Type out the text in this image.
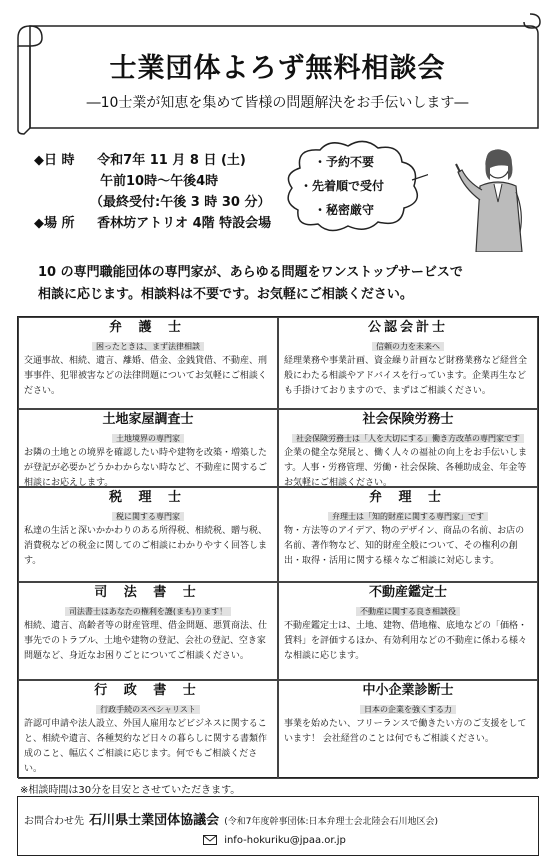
士業団体よろず無料相談会
―10士業が知恵を集めて皆様の問題解決をお手伝いします―
◆日 時 令和7年 11 月 8 日 (土)
午前10時～午後4時
（最終受付:午後 3 時 30 分）
◆場 所 香林坊アトリオ 4階 特設会場
・予約不要
・先着順で受付
・秘密厳守
10 の専門職能団体の専門家が、あらゆる問題をワンストップサービスで
相談に応じます。相談料は不要です。お気軽にご相談ください。
弁 護 士
困ったときは、まず法律相談
交通事故、相続、遺言、離婚、借金、金銭貸借、不動産、刑事事件、犯罪被害などの法律問題についてお気軽にご相談ください。
公認会計士
信頼の力を未来へ
経理業務や事業計画、資金繰り計画など財務業務など経営全般にわたる相談やアドバイスを行っています。企業再生なども手掛けておりますので、まずはご相談ください。
土地家屋調査士
土地境界の専門家
お隣の土地との境界を確認したい時や建物を改築・増築したが登記が必要かどうかわからない時など、不動産に関するご相談にお応えします。
社会保険労務士
社会保険労務士は「人を大切にする」働き方改革の専門家です
企業の健全な発展と、働く人々の福祉の向上をお手伝いします。人事・労務管理、労働・社会保険、各種助成金、年金等お気軽にご相談ください。
税 理 士
税に関する専門家
私達の生活と深いかかわりのある所得税、相続税、贈与税、消費税などの税金に関してのご相談にわかりやすく回答します。
弁 理 士
弁理士は「知的財産に関する専門家」です
物・方法等のアイデア、物のデザイン、商品の名前、お店の名前、著作物など、知的財産全般について、その権利の創出・取得・活用に関する様々なご相談に対応します。
司 法 書 士
司法書士はあなたの権利を護(まも)ります！
相続、遺言、高齢者等の財産管理、借金問題、悪質商法、仕事先でのトラブル、土地や建物の登記、会社の登記、空き家問題など、身近なお困りごとについてご相談ください。
不動産鑑定士
不動産に関する良き相談役
不動産鑑定士は、土地、建物、借地権、底地などの「価格・賃料」を評価するほか、有効利用などの不動産に係わる様々な相談に応じます。
行 政 書 士
行政手続のスペシャリスト
許認可申請や法人設立、外国人雇用などビジネスに関すること、相続や遺言、各種契約など日々の暮らしに関する書類作成のこと、幅広くご相談に応じます。何でもご相談ください。
中小企業診断士
日本の企業を強くする力
事業を始めたい、フリーランスで働きたい方のご支援をしています！ 会社経営のことは何でもご相談ください。
※相談時間は30分を目安とさせていただきます。
お問合わせ先 石川県士業団体協議会 (令和7年度幹事団体:日本弁理士会北陸会石川地区会)
info-hokuriku@jpaa.or.jp
